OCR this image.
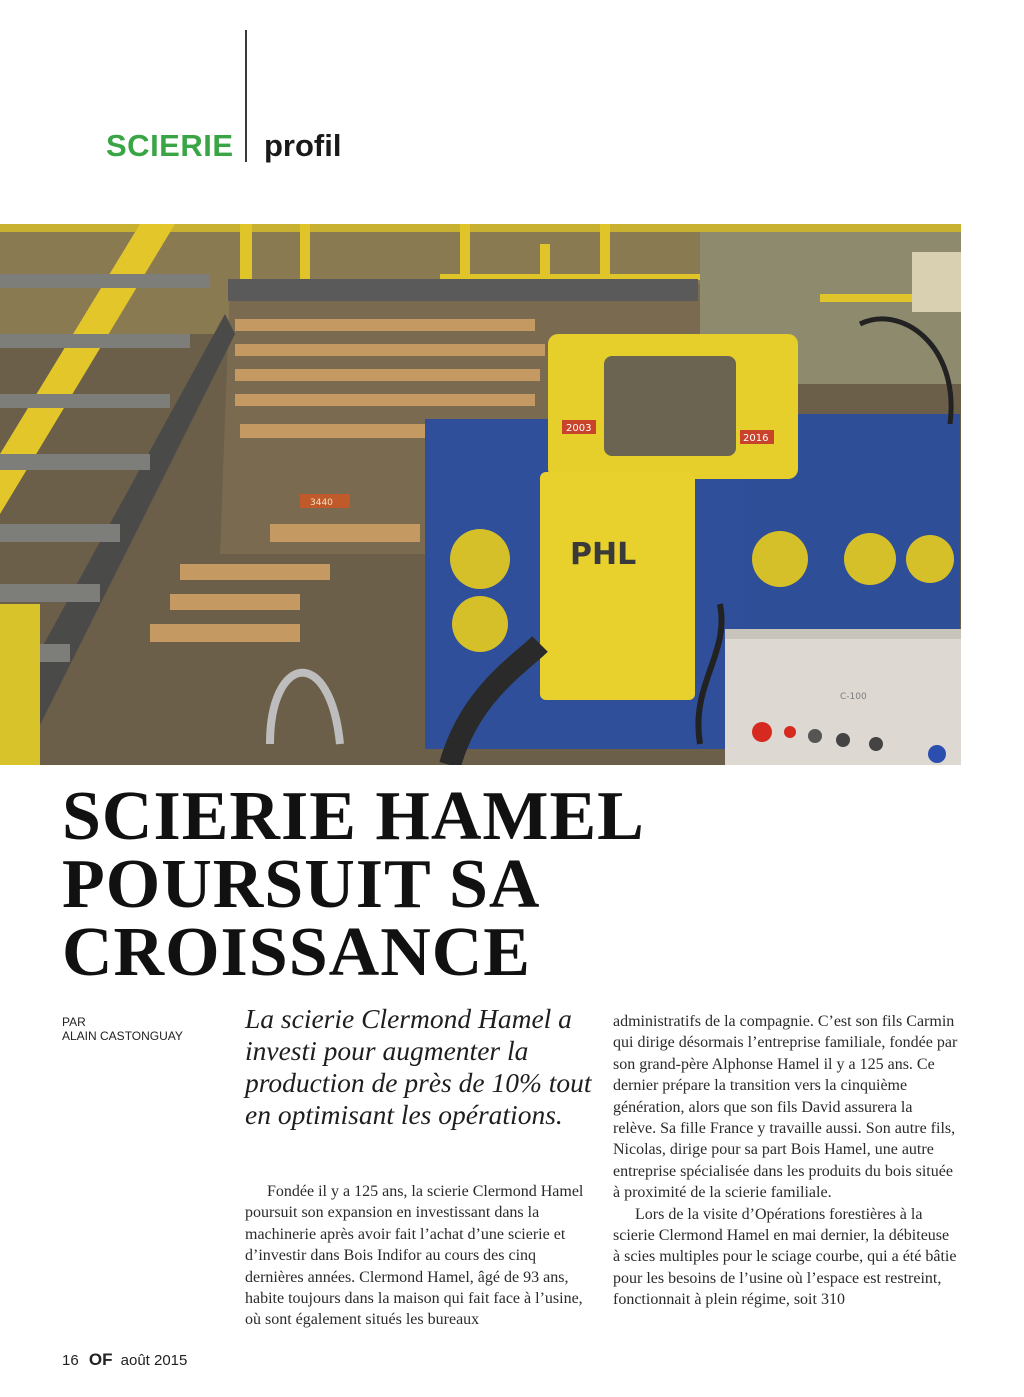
SCIERIE profil
3440
2003
2016
PHL
C-100
SCIERIE HAMEL
POURSUIT SA
CROISSANCE
PAR
ALAIN CASTONGUAY

La scierie Clermond Hamel a investi pour augmenter la production de près de 10% tout en optimisant les opérations.

Fondée il y a 125 ans, la scierie Clermond Hamel poursuit son expansion en investissant dans la machinerie après avoir fait l’achat d’une scierie et d’investir dans Bois Indifor au cours des cinq dernières années. Clermond Hamel, âgé de 93 ans, habite toujours dans la maison qui fait face à l’usine, où sont également situés les bureaux

administratifs de la compagnie. C’est son fils Carmin qui dirige désormais l’entreprise familiale, fondée par son grand-père Alphonse Hamel il y a 125 ans. Ce dernier prépare la transition vers la cinquième génération, alors que son fils David assurera la relève. Sa fille France y travaille aussi. Son autre fils, Nicolas, dirige pour sa part Bois Hamel, une autre entreprise spécialisée dans les produits du bois située à proximité de la scierie familiale.

Lors de la visite d’Opérations forestières à la scierie Clermond Hamel en mai dernier, la débiteuse à scies multiples pour le sciage courbe, qui a été bâtie pour les besoins de l’usine où l’espace est restreint, fonctionnait à plein régime, soit 310

16 OF août 2015
